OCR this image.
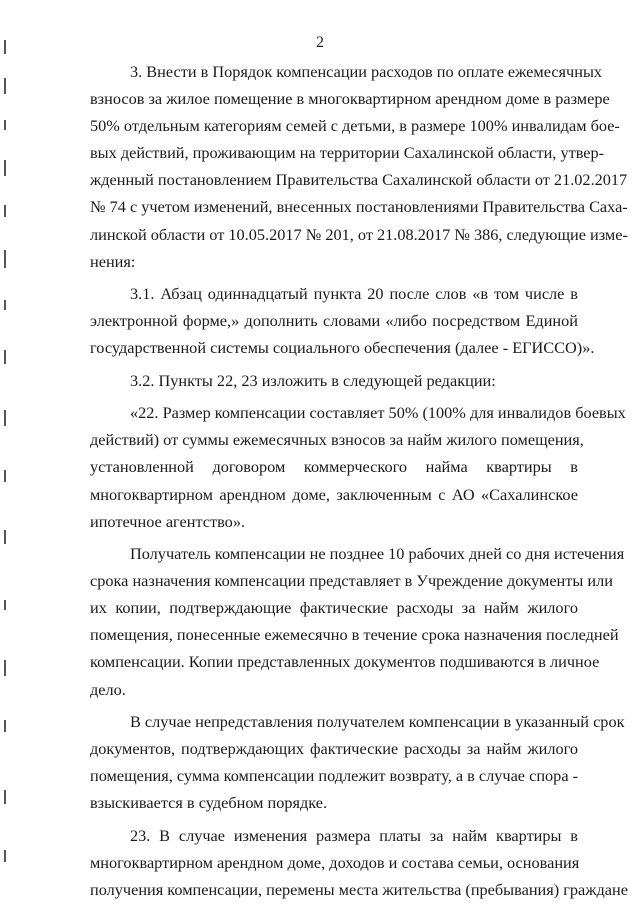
2
3. Внести в Порядок компенсации расходов по оплате ежемесячных
взносов за жилое помещение в многоквартирном арендном доме в размере
50% отдельным категориям семей с детьми, в размере 100% инвалидам бое-
вых действий, проживающим на территории Сахалинской области, утвер-
жденный постановлением Правительства Сахалинской области от 21.02.2017
№ 74 с учетом изменений, внесенных постановлениями Правительства Саха-
линской области от 10.05.2017 № 201, от 21.08.2017 № 386, следующие изме-
нения:
3.1. Абзац одиннадцатый пункта 20 после слов «в том числе в
электронной форме,» дополнить словами «либо посредством Единой
государственной системы социального обеспечения (далее - ЕГИССО)».
3.2. Пункты 22, 23 изложить в следующей редакции:
«22. Размер компенсации составляет 50% (100% для инвалидов боевых
действий) от суммы ежемесячных взносов за найм жилого помещения,
установленной договором коммерческого найма квартиры в
многоквартирном арендном доме, заключенным с АО «Сахалинское
ипотечное агентство».
Получатель компенсации не позднее 10 рабочих дней со дня истечения
срока назначения компенсации представляет в Учреждение документы или
их копии, подтверждающие фактические расходы за найм жилого
помещения, понесенные ежемесячно в течение срока назначения последней
компенсации. Копии представленных документов подшиваются в личное
дело.
В случае непредставления получателем компенсации в указанный срок
документов, подтверждающих фактические расходы за найм жилого
помещения, сумма компенсации подлежит возврату, а в случае спора -
взыскивается в судебном порядке.
23. В случае изменения размера платы за найм квартиры в
многоквартирном арендном доме, доходов и состава семьи, основания
получения компенсации, перемены места жительства (пребывания) граждане
